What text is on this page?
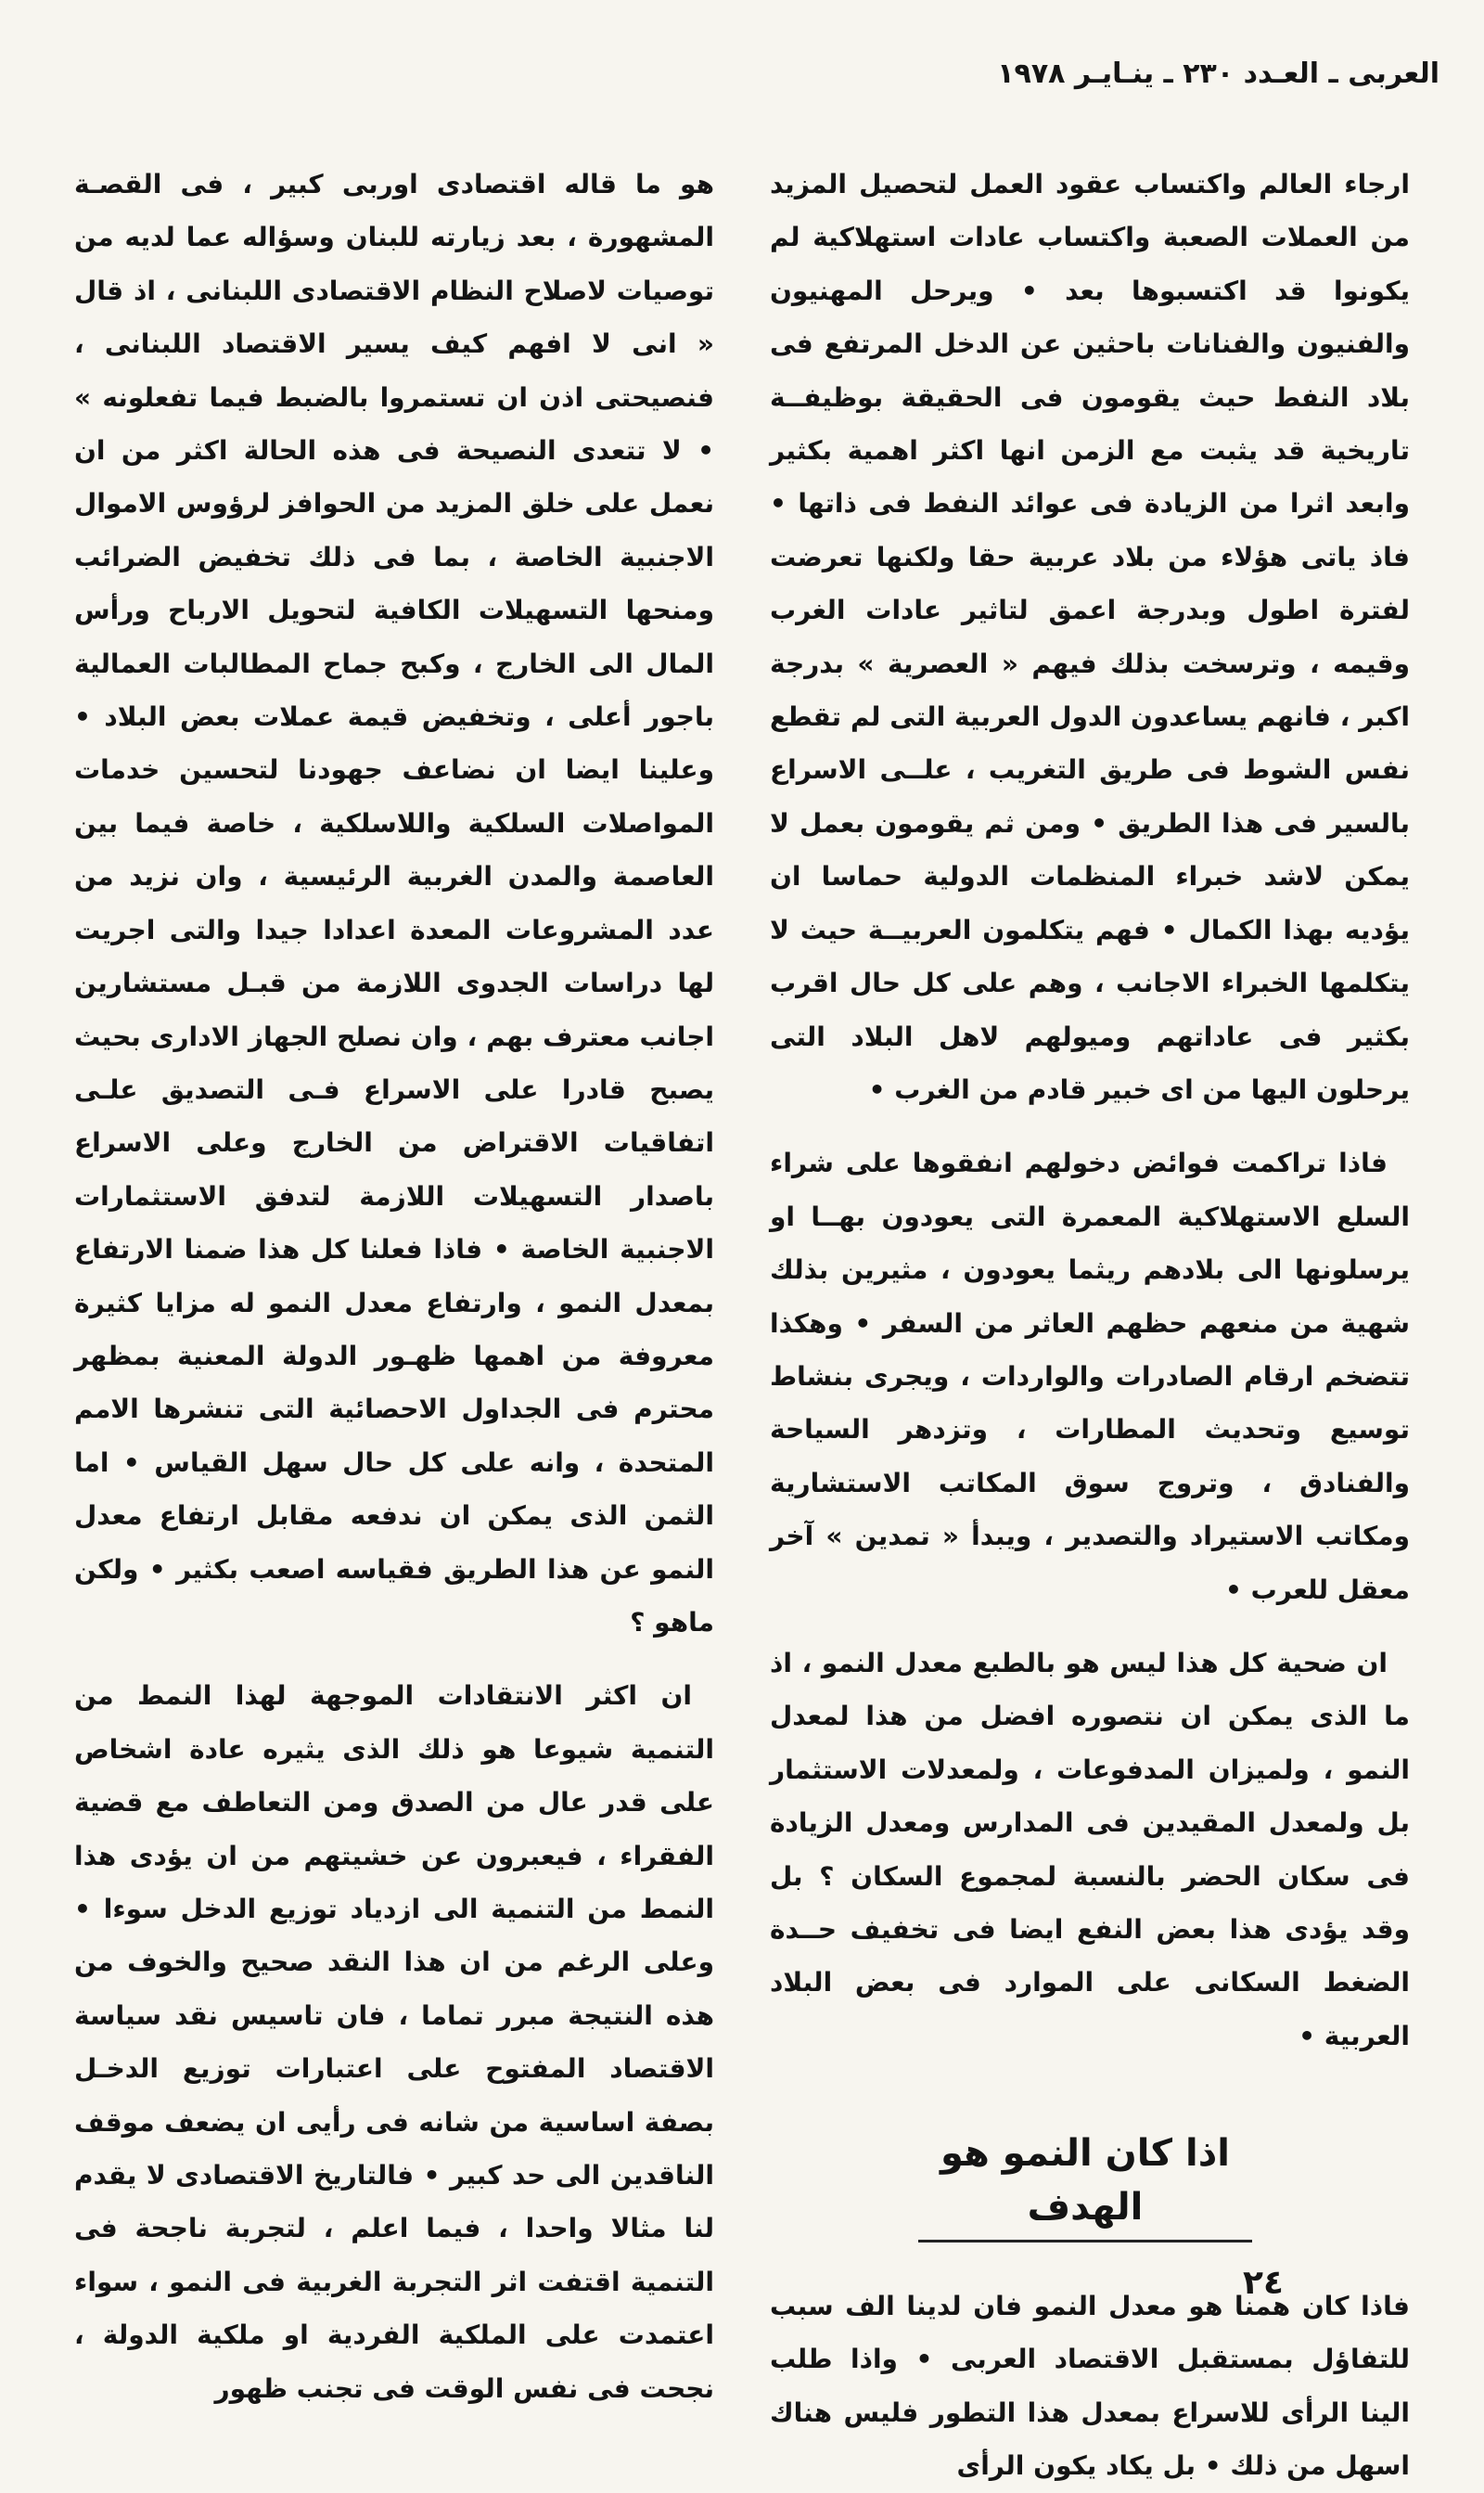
العربى ـ العـدد ٢٣٠ ـ ينـايـر ١٩٧٨

ارجاء العالم واكتساب عقود العمل لتحصيل المزيد من العملات الصعبة واكتساب عادات استهلاكية لم يكونوا قد اكتسبوها بعد • ويرحل المهنيون والفنيون والفنانات باحثين عن الدخل المرتفع فى بلاد النفط حيث يقومون فى الحقيقة بوظيفــة تاريخية قد يثبت مع الزمن انها اكثر اهمية بكثير وابعد اثرا من الزيادة فى عوائد النفط فى ذاتها • فاذ ياتى هؤلاء من بلاد عربية حقا ولكنها تعرضت لفترة اطول وبدرجة اعمق لتاثير عادات الغرب وقيمه ، وترسخت بذلك فيهم « العصرية » بدرجة اكبر ، فانهم يساعدون الدول العربية التى لم تقطع نفس الشوط فى طريق التغريب ، علــى الاسراع بالسير فى هذا الطريق • ومن ثم يقومون بعمل لا يمكن لاشد خبراء المنظمات الدولية حماسا ان يؤديه بهذا الكمال • فهم يتكلمون العربيــة حيث لا يتكلمها الخبراء الاجانب ، وهم على كل حال اقرب بكثير فى عاداتهم وميولهم لاهل البلاد التى يرحلون اليها من اى خبير قادم من الغرب •

فاذا تراكمت فوائض دخولهم انفقوها على شراء السلع الاستهلاكية المعمرة التى يعودون بهــا او يرسلونها الى بلادهم ريثما يعودون ، مثيرين بذلك شهية من منعهم حظهم العاثر من السفر • وهكذا تتضخم ارقام الصادرات والواردات ، ويجرى بنشاط توسيع وتحديث المطارات ، وتزدهر السياحة والفنادق ، وتروج سوق المكاتب الاستشارية ومكاتب الاستيراد والتصدير ، ويبدأ « تمدين » آخر معقل للعرب •

ان ضحية كل هذا ليس هو بالطبع معدل النمو ، اذ ما الذى يمكن ان نتصوره افضل من هذا لمعدل النمو ، ولميزان المدفوعات ، ولمعدلات الاستثمار بل ولمعدل المقيدين فى المدارس ومعدل الزيادة فى سكان الحضر بالنسبة لمجموع السكان ؟ بل وقد يؤدى هذا بعض النفع ايضا فى تخفيف حــدة الضغط السكانى على الموارد فى بعض البلاد العربية •

اذا كان النمو هو الهدف

فاذا كان همنا هو معدل النمو فان لدينا الف سبب للتفاؤل بمستقبل الاقتصاد العربى • واذا طلب الينا الرأى للاسراع بمعدل هذا التطور فليس هناك اسهل من ذلك • بل يكاد يكون الرأى

هو ما قاله اقتصادى اوربى كبير ، فى القصـة المشهورة ، بعد زيارته للبنان وسؤاله عما لديه من توصيات لاصلاح النظام الاقتصادى اللبنانى ، اذ قال « انى لا افهم كيف يسير الاقتصاد اللبنانى ، فنصيحتى اذن ان تستمروا بالضبط فيما تفعلونه » • لا تتعدى النصيحة فى هذه الحالة اكثر من ان نعمل على خلق المزيد من الحوافز لرؤوس الاموال الاجنبية الخاصة ، بما فى ذلك تخفيض الضرائب ومنحها التسهيلات الكافية لتحويل الارباح ورأس المال الى الخارج ، وكبح جماح المطالبات العمالية باجور أعلى ، وتخفيض قيمة عملات بعض البلاد • وعلينا ايضا ان نضاعف جهودنا لتحسين خدمات المواصلات السلكية واللاسلكية ، خاصة فيما بين العاصمة والمدن الغربية الرئيسية ، وان نزيد من عدد المشروعات المعدة اعدادا جيدا والتى اجريت لها دراسات الجدوى اللازمة من قبـل مستشارين اجانب معترف بهم ، وان نصلح الجهاز الادارى بحيث يصبح قادرا على الاسراع فـى التصديق علـى اتفاقيات الاقتراض من الخارج وعلى الاسراع باصدار التسهيلات اللازمة لتدفق الاستثمارات الاجنبية الخاصة • فاذا فعلنا كل هذا ضمنا الارتفاع بمعدل النمو ، وارتفاع معدل النمو له مزايا كثيرة معروفة من اهمها ظهـور الدولة المعنية بمظهر محترم فى الجداول الاحصائية التى تنشرها الامم المتحدة ، وانه على كل حال سهل القياس • اما الثمن الذى يمكن ان ندفعه مقابل ارتفاع معدل النمو عن هذا الطريق فقياسه اصعب بكثير • ولكن ماهو ؟

ان اكثر الانتقادات الموجهة لهذا النمط من التنمية شيوعا هو ذلك الذى يثيره عادة اشخاص على قدر عال من الصدق ومن التعاطف مع قضية الفقراء ، فيعبرون عن خشيتهم من ان يؤدى هذا النمط من التنمية الى ازدياد توزيع الدخل سوءا • وعلى الرغم من ان هذا النقد صحيح والخوف من هذه النتيجة مبرر تماما ، فان تاسيس نقد سياسة الاقتصاد المفتوح على اعتبارات توزيع الدخـل بصفة اساسية من شانه فى رأيى ان يضعف موقف الناقدين الى حد كبير • فالتاريخ الاقتصادى لا يقدم لنا مثالا واحدا ، فيما اعلم ، لتجربة ناجحة فى التنمية اقتفت اثر التجربة الغربية فى النمو ، سواء اعتمدت على الملكية الفردية او ملكية الدولة ، نجحت فى نفس الوقت فى تجنب ظهور

٢٤
